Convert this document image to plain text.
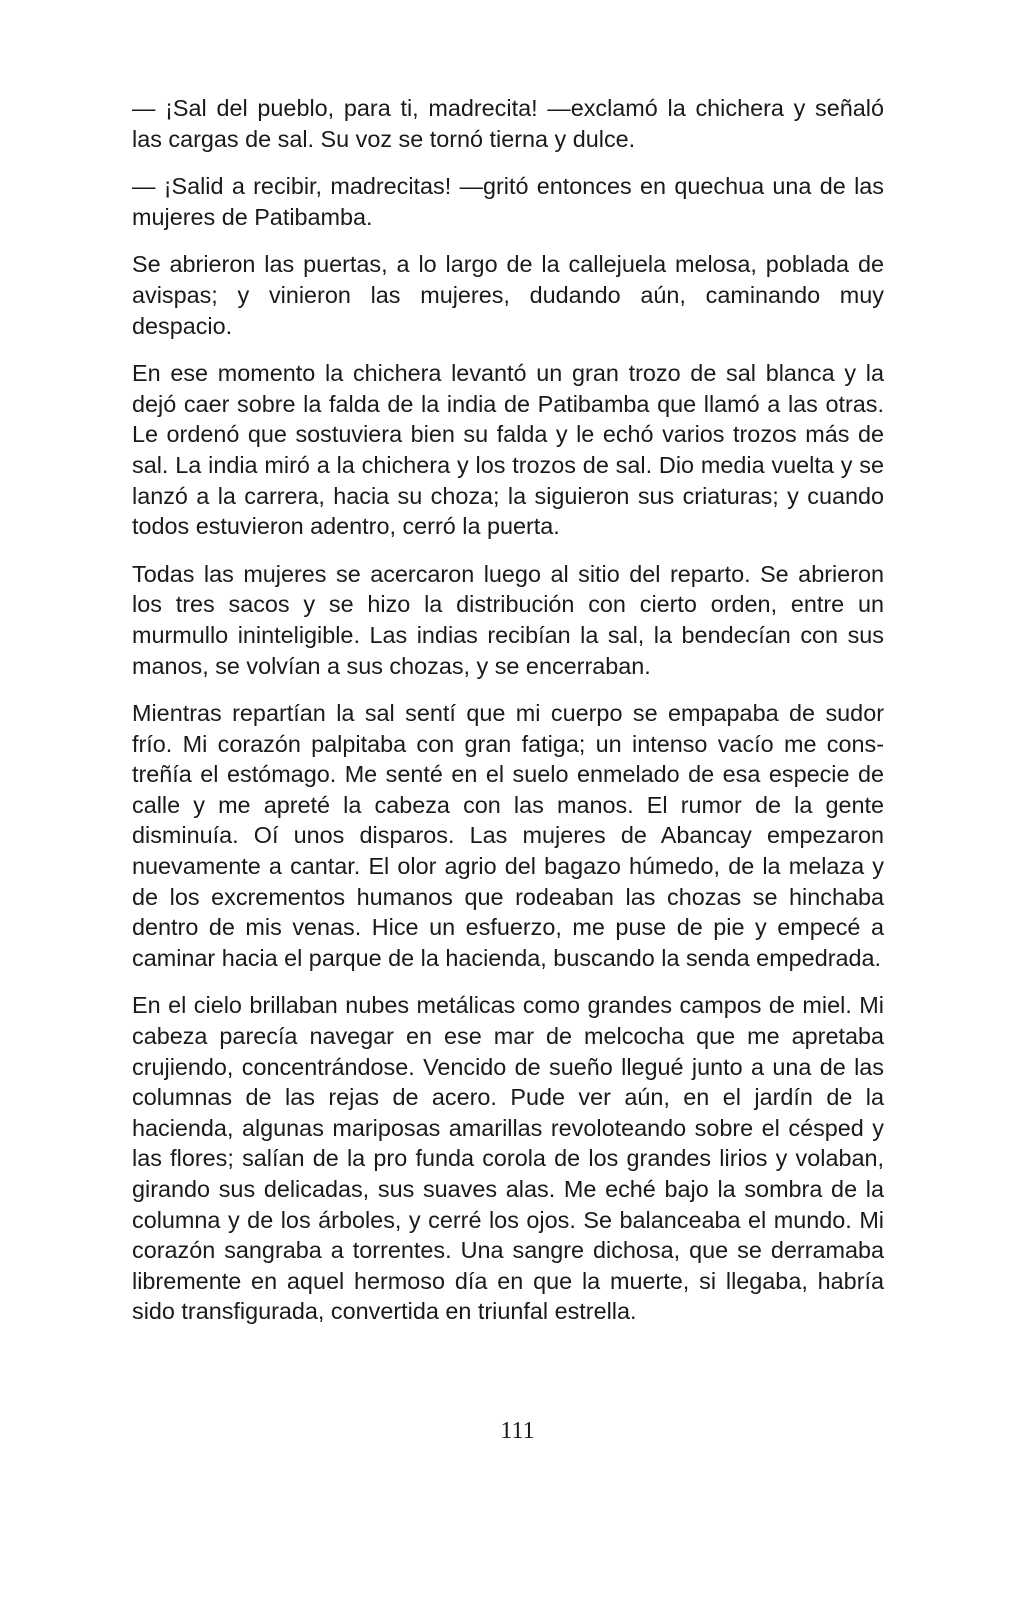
— ¡Sal del pueblo, para ti, madrecita! —exclamó la chichera y señaló las cargas de sal. Su voz se tornó tierna y dulce.

— ¡Salid a recibir, madrecitas! —gritó entonces en quechua una de las mujeres de Patibamba.

Se abrieron las puertas, a lo largo de la callejuela melosa, poblada de avispas; y vinieron las mujeres, dudando aún, caminando muy despacio.

En ese momento la chichera levantó un gran trozo de sal blanca y la dejó caer sobre la falda de la india de Patibamba que llamó a las otras. Le ordenó que sostuviera bien su falda y le echó varios trozos más de sal. La india miró a la chichera y los trozos de sal. Dio media vuelta y se lanzó a la carrera, hacia su choza; la siguieron sus criaturas; y cuando todos estuvieron adentro, cerró la puerta.

Todas las mujeres se acercaron luego al sitio del reparto. Se abrieron los tres sacos y se hizo la distribución con cierto orden, entre un murmullo ininteligible. Las indias recibían la sal, la bendecían con sus manos, se volvían a sus chozas, y se encerraban.

Mientras repartían la sal sentí que mi cuerpo se empapaba de sudor frío. Mi corazón palpitaba con gran fatiga; un intenso vacío me constreñía el estómago. Me senté en el suelo enmelado de esa especie de calle y me apreté la cabeza con las manos. El rumor de la gente disminuía. Oí unos disparos. Las mujeres de Abancay empezaron nuevamente a cantar. El olor agrio del bagazo húmedo, de la melaza y de los excrementos humanos que rodeaban las chozas se hinchaba dentro de mis venas. Hice un esfuerzo, me puse de pie y empecé a caminar hacia el parque de la hacienda, buscando la senda empedrada.

En el cielo brillaban nubes metálicas como grandes campos de miel. Mi cabeza parecía navegar en ese mar de melcocha que me apretaba crujiendo, concentrándose. Vencido de sueño llegué junto a una de las columnas de las rejas de acero. Pude ver aún, en el jardín de la hacienda, algunas mariposas amarillas revoloteando sobre el césped y las flores; salían de la pro funda corola de los grandes lirios y volaban, girando sus delicadas, sus suaves alas. Me eché bajo la sombra de la columna y de los árboles, y cerré los ojos. Se balanceaba el mundo. Mi corazón sangraba a torrentes. Una sangre dichosa, que se derramaba libremente en aquel hermoso día en que la muerte, si llegaba, habría sido transfigurada, convertida en triunfal estrella.

111
